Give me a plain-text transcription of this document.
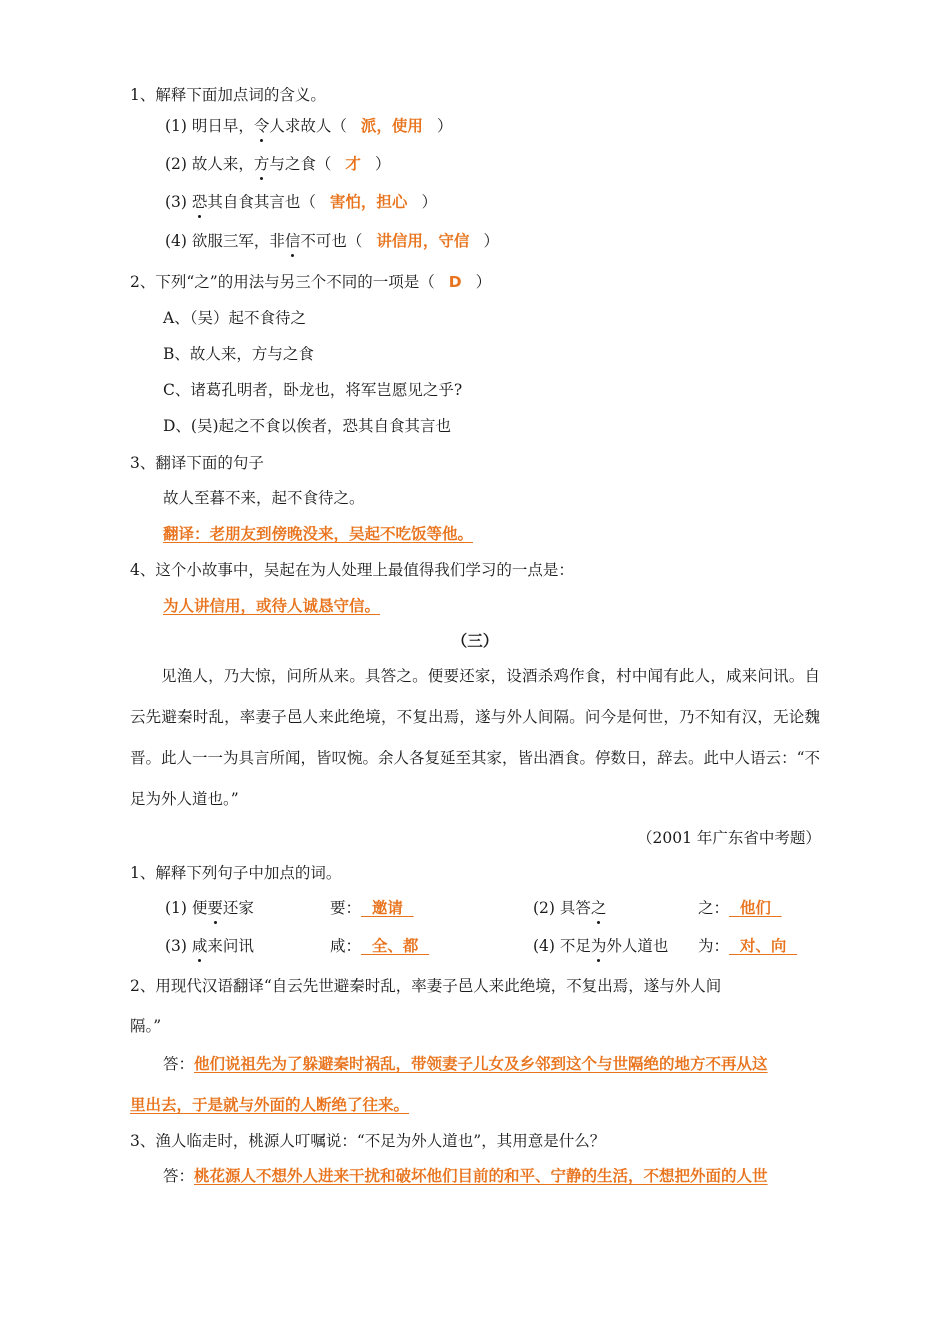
1、解释下面加点词的含义。
(1) 明日早，令人求故人（ 派，使用 ）
(2) 故人来，方与之食（ 才 ）
(3) 恐其自食其言也（ 害怕，担心 ）
(4) 欲服三军，非信不可也（ 讲信用，守信 ）
2、下列“之”的用法与另三个不同的一项是（ D ）
A、（吴）起不食待之
B、故人来，方与之食
C、诸葛孔明者，卧龙也，将军岂愿见之乎?
D、(吴)起之不食以俟者，恐其自食其言也
3、翻译下面的句子
故人至暮不来，起不食待之。
翻译：老朋友到傍晚没来，吴起不吃饭等他。
4、这个小故事中，吴起在为人处理上最值得我们学习的一点是：
为人讲信用，或待人诚恳守信。
（三）
见渔人，乃大惊，问所从来。具答之。便要还家，设酒杀鸡作食，村中闻有此人，咸来问讯。自云先避秦时乱，率妻子邑人来此绝境，不复出焉，遂与外人间隔。问今是何世，乃不知有汉，无论魏晋。此人一一为具言所闻，皆叹惋。余人各复延至其家，皆出酒食。停数日，辞去。此中人语云：“不足为外人道也。”
（2001 年广东省中考题）
1、解释下列句子中加点的词。
(1) 便要还家	要： 邀请	(2) 具答之	之： 他们
(3) 咸来问讯	咸： 全、都	(4) 不足为外人道也 为： 对、向
2、用现代汉语翻译“自云先世避秦时乱，率妻子邑人来此绝境，不复出焉，遂与外人间
隔。”
答：他们说祖先为了躲避秦时祸乱，带领妻子儿女及乡邻到这个与世隔绝的地方不再从这
里出去，于是就与外面的人断绝了往来。
3、渔人临走时，桃源人叮嘱说：“不足为外人道也”，其用意是什么？
答：桃花源人不想外人进来干扰和破坏他们目前的和平、宁静的生活，不想把外面的人世
